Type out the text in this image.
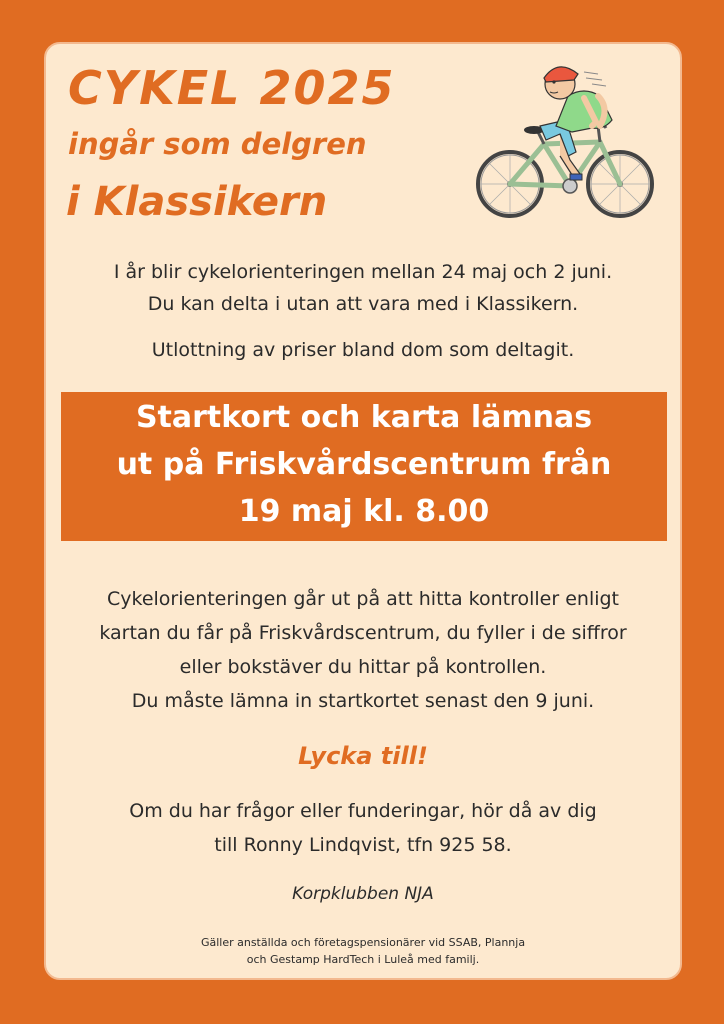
CYKEL 2025
ingår som delgren
i Klassikern
I år blir cykelorienteringen mellan 24 maj och 2 juni.
Du kan delta i utan att vara med i Klassikern.
Utlottning av priser bland dom som deltagit.
Startkort och karta lämnas
ut på Friskvårdscentrum från
19 maj kl. 8.00
Cykelorienteringen går ut på att hitta kontroller enligt
kartan du får på Friskvårdscentrum, du fyller i de siffror
eller bokstäver du hittar på kontrollen.
Du måste lämna in startkortet senast den 9 juni.
Lycka till!
Om du har frågor eller funderingar, hör då av dig
till Ronny Lindqvist, tfn 925 58.
Korpklubben NJA
Gäller anställda och företagspensionärer vid SSAB, Plannja
och Gestamp HardTech i Luleå med familj.
